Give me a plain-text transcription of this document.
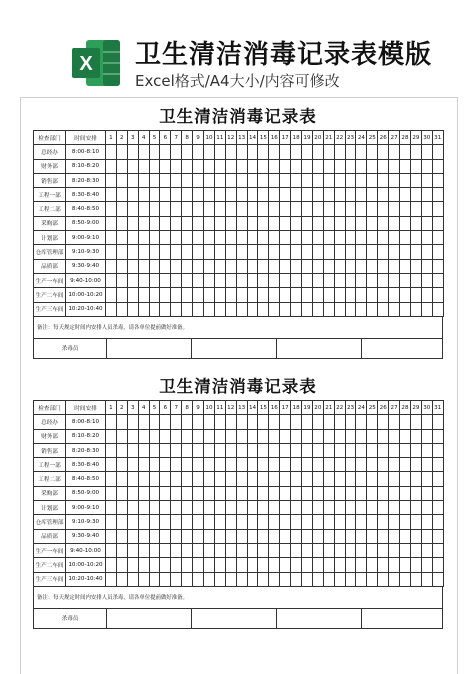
X 卫生清洁消毒记录表模版
Excel格式/A4大小/内容可修改
卫生清洁消毒记录表
检查部门	时间安排	1	2	3	4	5	6	7	8	9	10	11	12	13	14	15	16	17	18	19	20	21	22	23	24	25	26	27	28	29	30	31
总经办	8:00-8:10																															
财务部	8:10-8:20																															
销售部	8:20-8:30																															
工程一部	8:30-8:40																															
工程二部	8:40-8:50																															
采购部	8:50-9:00																															
计划部	9:00-9:10																															
仓库管理部	9:10-9:30																															
品质部	9:30-9:40																															
生产一车间	9:40-10:00																															
生产二车间	10:00-10:20																															
生产三车间	10:20-10:40																															
备注：每天规定时间内安排人员杀毒，请各单位提前做好准备。
杀毒员
卫生清洁消毒记录表
检查部门	时间安排	1	2	3	4	5	6	7	8	9	10	11	12	13	14	15	16	17	18	19	20	21	22	23	24	25	26	27	28	29	30	31
总经办	8:00-8:10																															
财务部	8:10-8:20																															
销售部	8:20-8:30																															
工程一部	8:30-8:40																															
工程二部	8:40-8:50																															
采购部	8:50-9:00																															
计划部	9:00-9:10																															
仓库管理部	9:10-9:30																															
品质部	9:30-9:40																															
生产一车间	9:40-10:00																															
生产二车间	10:00-10:20																															
生产三车间	10:20-10:40																															
备注：每天规定时间内安排人员杀毒，请各单位提前做好准备。
杀毒员
